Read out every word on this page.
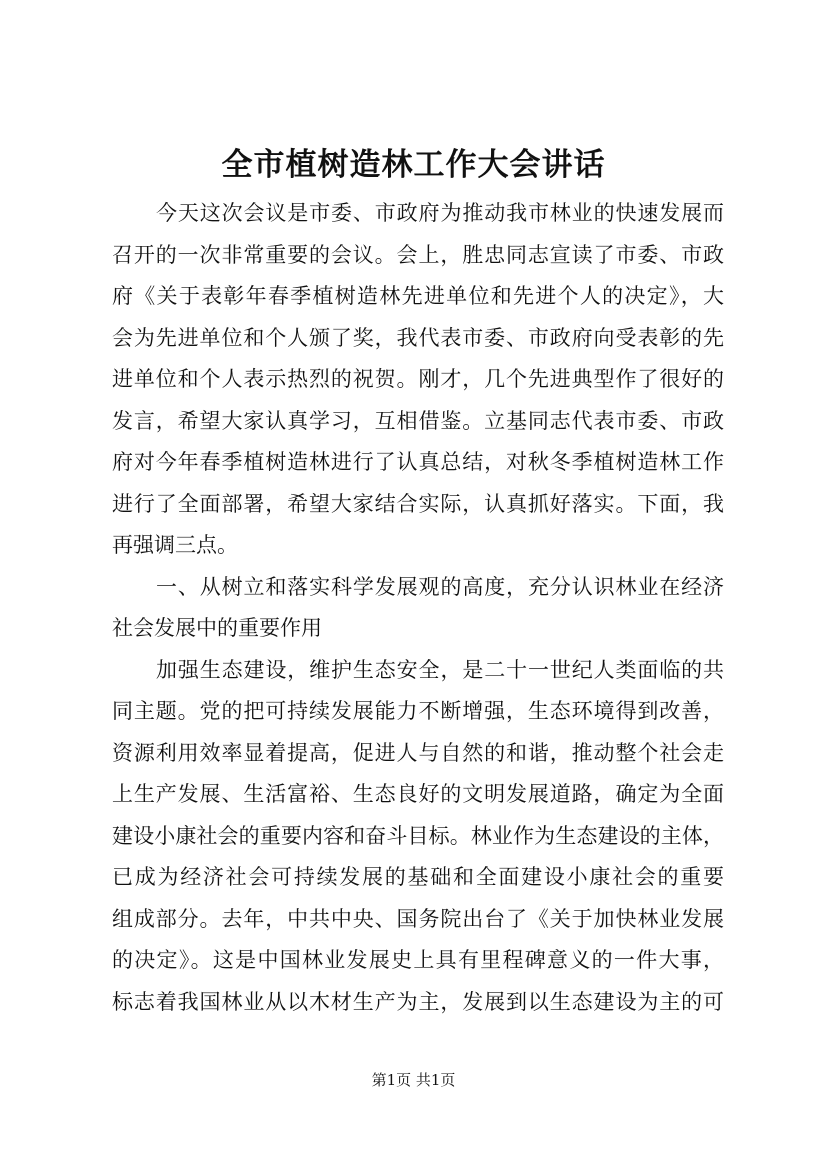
全市植树造林工作大会讲话
今天这次会议是市委、市政府为推动我市林业的快速发展而
召开的一次非常重要的会议。会上，胜忠同志宣读了市委、市政
府《关于表彰年春季植树造林先进单位和先进个人的决定》，大
会为先进单位和个人颁了奖，我代表市委、市政府向受表彰的先
进单位和个人表示热烈的祝贺。刚才，几个先进典型作了很好的
发言，希望大家认真学习，互相借鉴。立基同志代表市委、市政
府对今年春季植树造林进行了认真总结，对秋冬季植树造林工作
进行了全面部署，希望大家结合实际，认真抓好落实。下面，我
再强调三点。
一、从树立和落实科学发展观的高度，充分认识林业在经济
社会发展中的重要作用
加强生态建设，维护生态安全，是二十一世纪人类面临的共
同主题。党的把可持续发展能力不断增强，生态环境得到改善，
资源利用效率显着提高，促进人与自然的和谐，推动整个社会走
上生产发展、生活富裕、生态良好的文明发展道路，确定为全面
建设小康社会的重要内容和奋斗目标。林业作为生态建设的主体，
已成为经济社会可持续发展的基础和全面建设小康社会的重要
组成部分。去年，中共中央、国务院出台了《关于加快林业发展
的决定》。这是中国林业发展史上具有里程碑意义的一件大事，
标志着我国林业从以木材生产为主，发展到以生态建设为主的可
第1页 共1页
